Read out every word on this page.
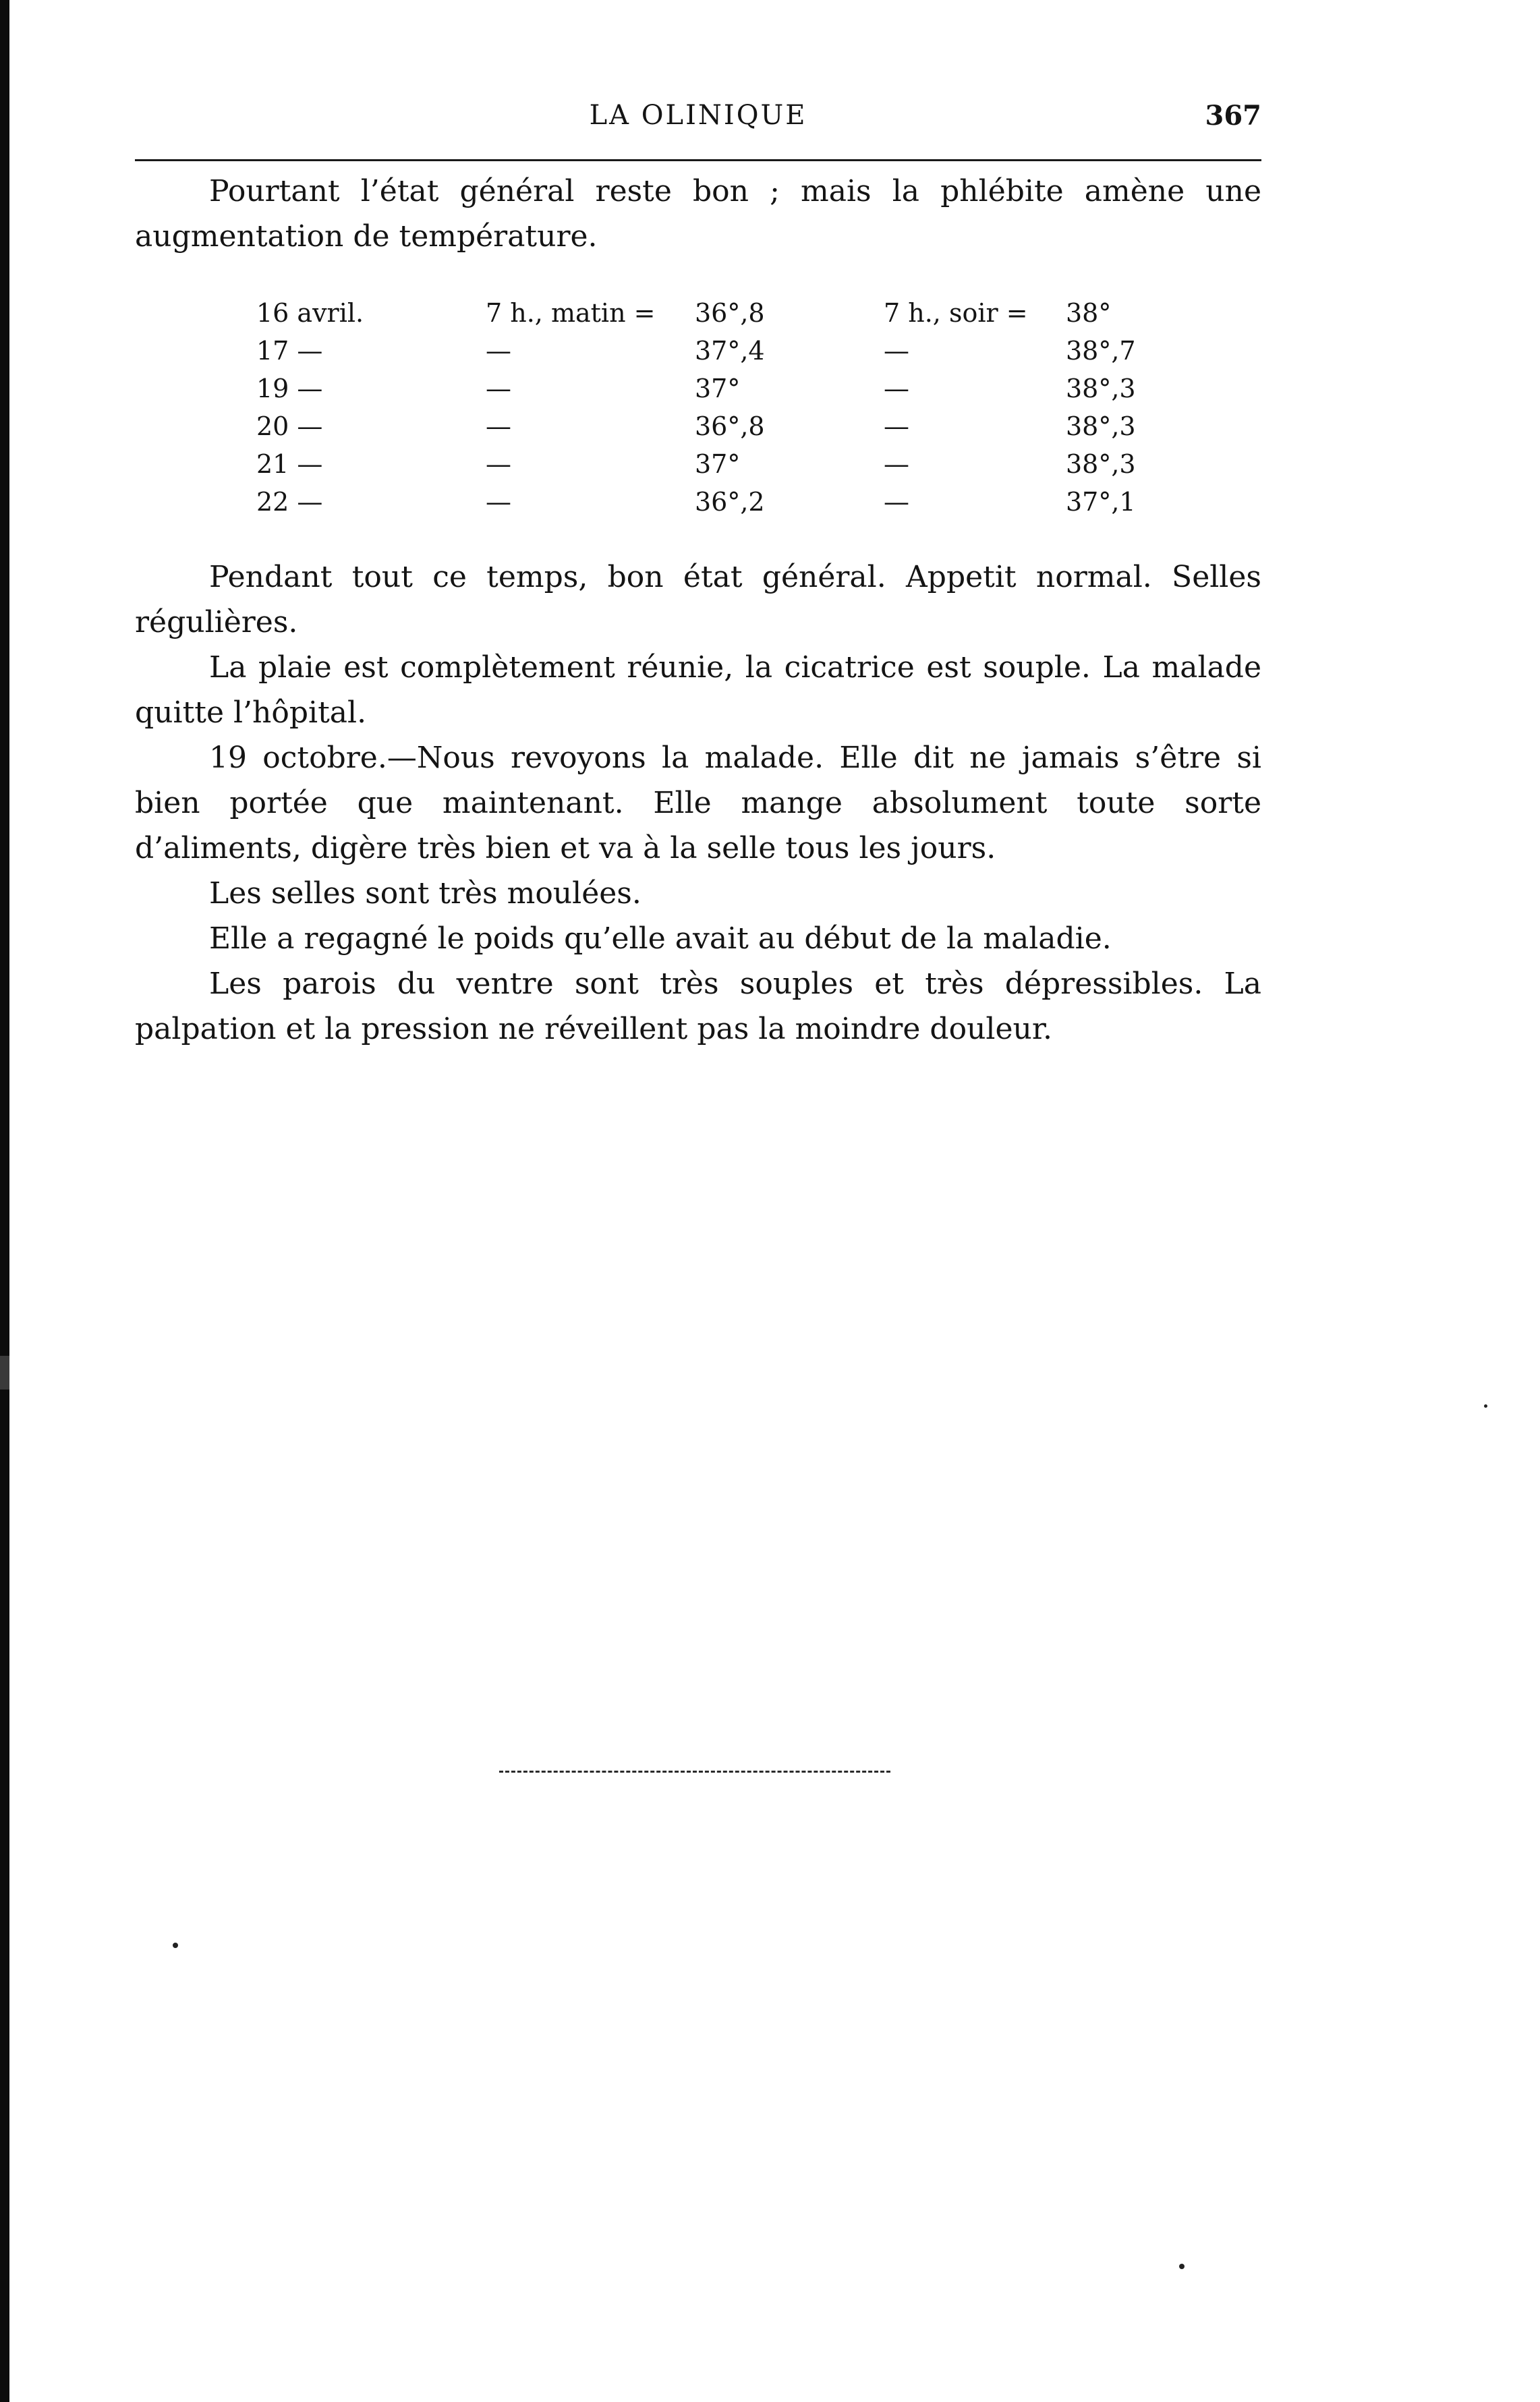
LA OLINIQUE	367

Pourtant l’état général reste bon ; mais la phlébite amène une augmentation de température.

16 avril.	7 h., matin = 36°,8	7 h., soir = 38°
17 —	—	37°,4	—	38°,7
19 —	—	37°	—	38°,3
20 —	—	36°,8	—	38°,3
21 —	—	37°	—	38°,3
22 —	—	36°,2	—	37°,1

Pendant tout ce temps, bon état général. Appetit normal. Selles régulières.

La plaie est complètement réunie, la cicatrice est souple. La malade quitte l’hôpital.

19 octobre.—Nous revoyons la malade. Elle dit ne jamais s’être si bien portée que maintenant. Elle mange absolument toute sorte d’aliments, digère très bien et va à la selle tous les jours.

Les selles sont très moulées.

Elle a regagné le poids qu’elle avait au début de la maladie.

Les parois du ventre sont très souples et très dépressibles. La palpation et la pression ne réveillent pas la moindre douleur.
